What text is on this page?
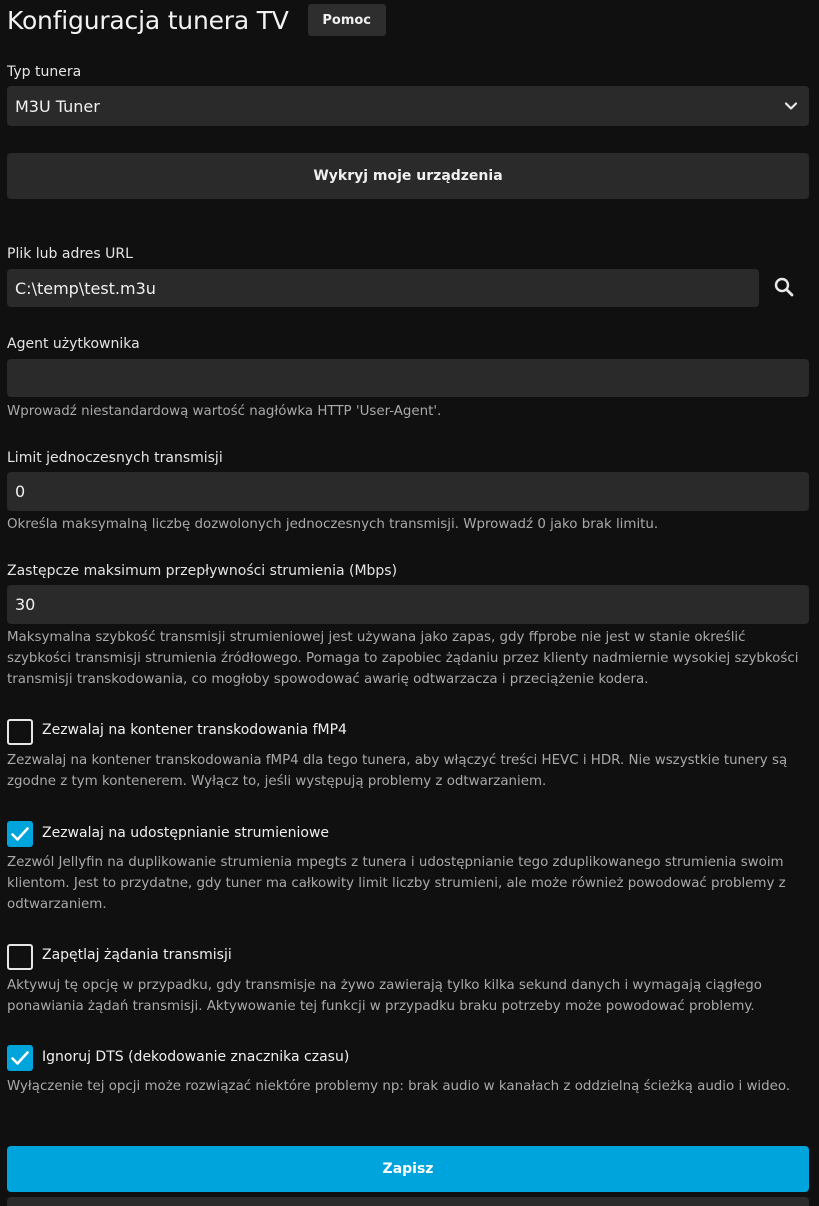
Konfiguracja tunera TV	Pomoc
Typ tunera
M3U Tuner
Wykryj moje urządzenia
Plik lub adres URL
C:\temp\test.m3u
Agent użytkownika
Wprowadź niestandardową wartość nagłówka HTTP 'User-Agent'.
Limit jednoczesnych transmisji
0
Określa maksymalną liczbę dozwolonych jednoczesnych transmisji. Wprowadź 0 jako brak limitu.
Zastępcze maksimum przepływności strumienia (Mbps)
30
Maksymalna szybkość transmisji strumieniowej jest używana jako zapas, gdy ffprobe nie jest w stanie określić szybkości transmisji strumienia źródłowego. Pomaga to zapobiec żądaniu przez klienty nadmiernie wysokiej szybkości transmisji transkodowania, co mogłoby spowodować awarię odtwarzacza i przeciążenie kodera.
Zezwalaj na kontener transkodowania fMP4
Zezwalaj na kontener transkodowania fMP4 dla tego tunera, aby włączyć treści HEVC i HDR. Nie wszystkie tunery są zgodne z tym kontenerem. Wyłącz to, jeśli występują problemy z odtwarzaniem.
Zezwalaj na udostępnianie strumieniowe
Zezwól Jellyfin na duplikowanie strumienia mpegts z tunera i udostępnianie tego zduplikowanego strumienia swoim klientom. Jest to przydatne, gdy tuner ma całkowity limit liczby strumieni, ale może również powodować problemy z odtwarzaniem.
Zapętlaj żądania transmisji
Aktywuj tę opcję w przypadku, gdy transmisje na żywo zawierają tylko kilka sekund danych i wymagają ciągłego ponawiania żądań transmisji. Aktywowanie tej funkcji w przypadku braku potrzeby może powodować problemy.
Ignoruj DTS (dekodowanie znacznika czasu)
Wyłączenie tej opcji może rozwiązać niektóre problemy np: brak audio w kanałach z oddzielną ścieżką audio i wideo.
Zapisz
